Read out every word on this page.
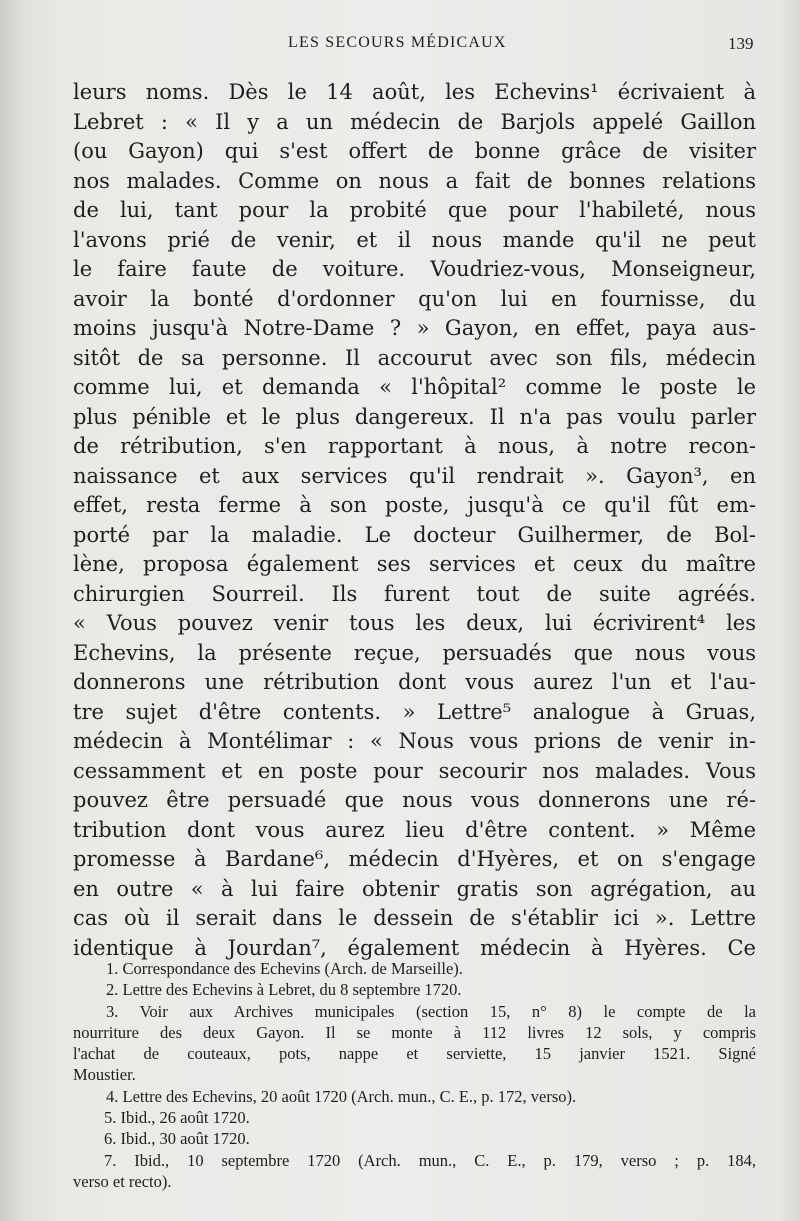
LES SECOURS MÉDICAUX	139
leurs noms. Dès le 14 août, les Echevins¹ écrivaient à
Lebret : « Il y a un médecin de Barjols appelé Gaillon
(ou Gayon) qui s'est offert de bonne grâce de visiter
nos malades. Comme on nous a fait de bonnes relations
de lui, tant pour la probité que pour l'habileté, nous
l'avons prié de venir, et il nous mande qu'il ne peut
le faire faute de voiture. Voudriez-vous, Monseigneur,
avoir la bonté d'ordonner qu'on lui en fournisse, du
moins jusqu'à Notre-Dame ? » Gayon, en effet, paya aus-
sitôt de sa personne. Il accourut avec son fils, médecin
comme lui, et demanda « l'hôpital² comme le poste le
plus pénible et le plus dangereux. Il n'a pas voulu parler
de rétribution, s'en rapportant à nous, à notre recon-
naissance et aux services qu'il rendrait ». Gayon³, en
effet, resta ferme à son poste, jusqu'à ce qu'il fût em-
porté par la maladie. Le docteur Guilhermer, de Bol-
lène, proposa également ses services et ceux du maître
chirurgien Sourreil. Ils furent tout de suite agréés.
« Vous pouvez venir tous les deux, lui écrivirent⁴ les
Echevins, la présente reçue, persuadés que nous vous
donnerons une rétribution dont vous aurez l'un et l'au-
tre sujet d'être contents. » Lettre⁵ analogue à Gruas,
médecin à Montélimar : « Nous vous prions de venir in-
cessamment et en poste pour secourir nos malades. Vous
pouvez être persuadé que nous vous donnerons une ré-
tribution dont vous aurez lieu d'être content. » Même
promesse à Bardane⁶, médecin d'Hyères, et on s'engage
en outre « à lui faire obtenir gratis son agrégation, au
cas où il serait dans le dessein de s'établir ici ». Lettre
identique à Jourdan⁷, également médecin à Hyères. Ce
1. Correspondance des Echevins (Arch. de Marseille).
2. Lettre des Echevins à Lebret, du 8 septembre 1720.
3. Voir aux Archives municipales (section 15, n° 8) le compte de la
nourriture des deux Gayon. Il se monte à 112 livres 12 sols, y compris
l'achat de couteaux, pots, nappe et serviette, 15 janvier 1521. Signé
Moustier.
4. Lettre des Echevins, 20 août 1720 (Arch. mun., C. E., p. 172, verso).
5. Ibid., 26 août 1720.
6. Ibid., 30 août 1720.
7. Ibid., 10 septembre 1720 (Arch. mun., C. E., p. 179, verso ; p. 184,
verso et recto).
